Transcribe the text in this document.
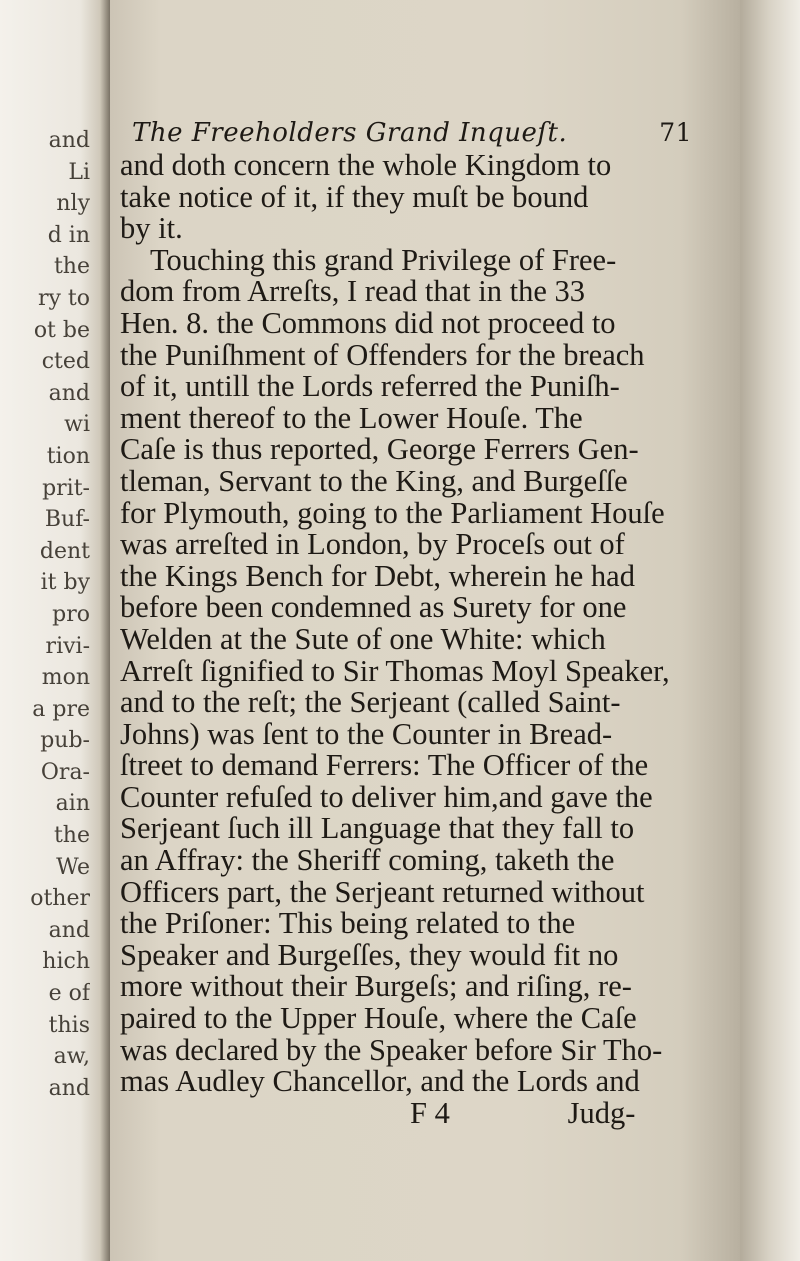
and
Li
nly
d in
the
ry to
ot be
cted
and
wi
tion
prit-
Buf-
dent
it by
pro
rivi-
mon
a pre
pub-
Ora-
ain
the
We
other
and
hich
e of
this
aw,
and
The Freeholders Grand Inqueſt.	71
and doth concern the whole Kingdom to
take notice of it, if they muſt be bound
by it.
Touching this grand Privilege of Free-
dom from Arreſts, I read that in the 33
Hen. 8. the Commons did not proceed to
the Puniſhment of Offenders for the breach
of it, untill the Lords referred the Puniſh-
ment thereof to the Lower Houſe. The
Caſe is thus reported, George Ferrers Gen-
tleman, Servant to the King, and Burgeſſe
for Plymouth, going to the Parliament Houſe
was arreſted in London, by Proceſs out of
the Kings Bench for Debt, wherein he had
before been condemned as Surety for one
Welden at the Sute of one White: which
Arreſt ſignified to Sir Thomas Moyl Speaker,
and to the reſt; the Serjeant (called Saint-
Johns) was ſent to the Counter in Bread-
ſtreet to demand Ferrers: The Officer of the
Counter refuſed to deliver him,and gave the
Serjeant ſuch ill Language that they fall to
an Affray: the Sheriff coming, taketh the
Officers part, the Serjeant returned without
the Priſoner: This being related to the
Speaker and Burgeſſes, they would fit no
more without their Burgeſs; and riſing, re-
paired to the Upper Houſe, where the Caſe
was declared by the Speaker before Sir Tho-
mas Audley Chancellor, and the Lords and
F 4	Judg-
